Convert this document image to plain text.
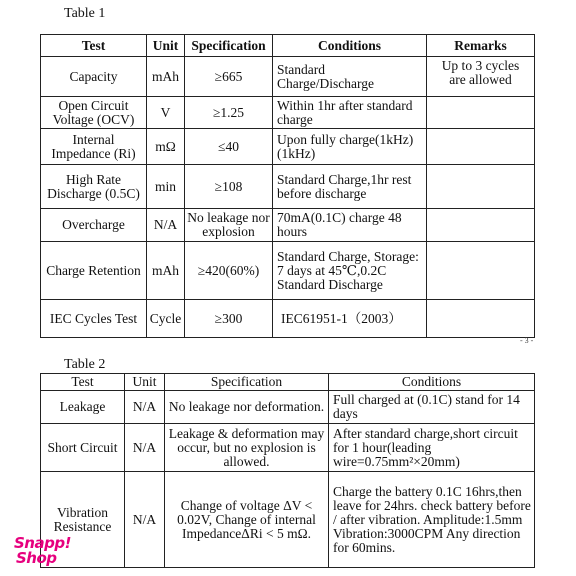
Table 1
Test	Unit	Specification	Conditions	Remarks
Capacity	mAh	≥665	Standard Charge/Discharge	Up to 3 cycles are allowed
Open Circuit Voltage (OCV)	V	≥1.25	Within 1hr after standard charge	
Internal Impedance (Ri)	mΩ	≤40	Upon fully charge(1kHz) (1kHz)	
High Rate Discharge (0.5C)	min	≥108	Standard Charge,1hr rest before discharge	
Overcharge	N/A	No leakage nor explosion	70mA(0.1C) charge 48 hours	
Charge Retention	mAh	≥420(60%)	Standard Charge, Storage: 7 days at 45℃,0.2C Standard Discharge	
IEC Cycles Test	Cycle	≥300	IEC61951-1（2003）	
- 3 -
Table 2
Test	Unit	Specification	Conditions
Leakage	N/A	No leakage nor deformation.	Full charged at (0.1C) stand for 14 days
Short Circuit	N/A	Leakage & deformation may occur, but no explosion is allowed.	After standard charge,short circuit for 1 hour(leading wire=0.75mm²×20mm)
Vibration Resistance	N/A	Change of voltage ΔV < 0.02V, Change of internal ImpedanceΔRi < 5 mΩ.	Charge the battery 0.1C 16hrs,then leave for 24hrs. check battery before / after vibration. Amplitude:1.5mm Vibration:3000CPM Any direction for 60mins.
Snapp!
Shop
